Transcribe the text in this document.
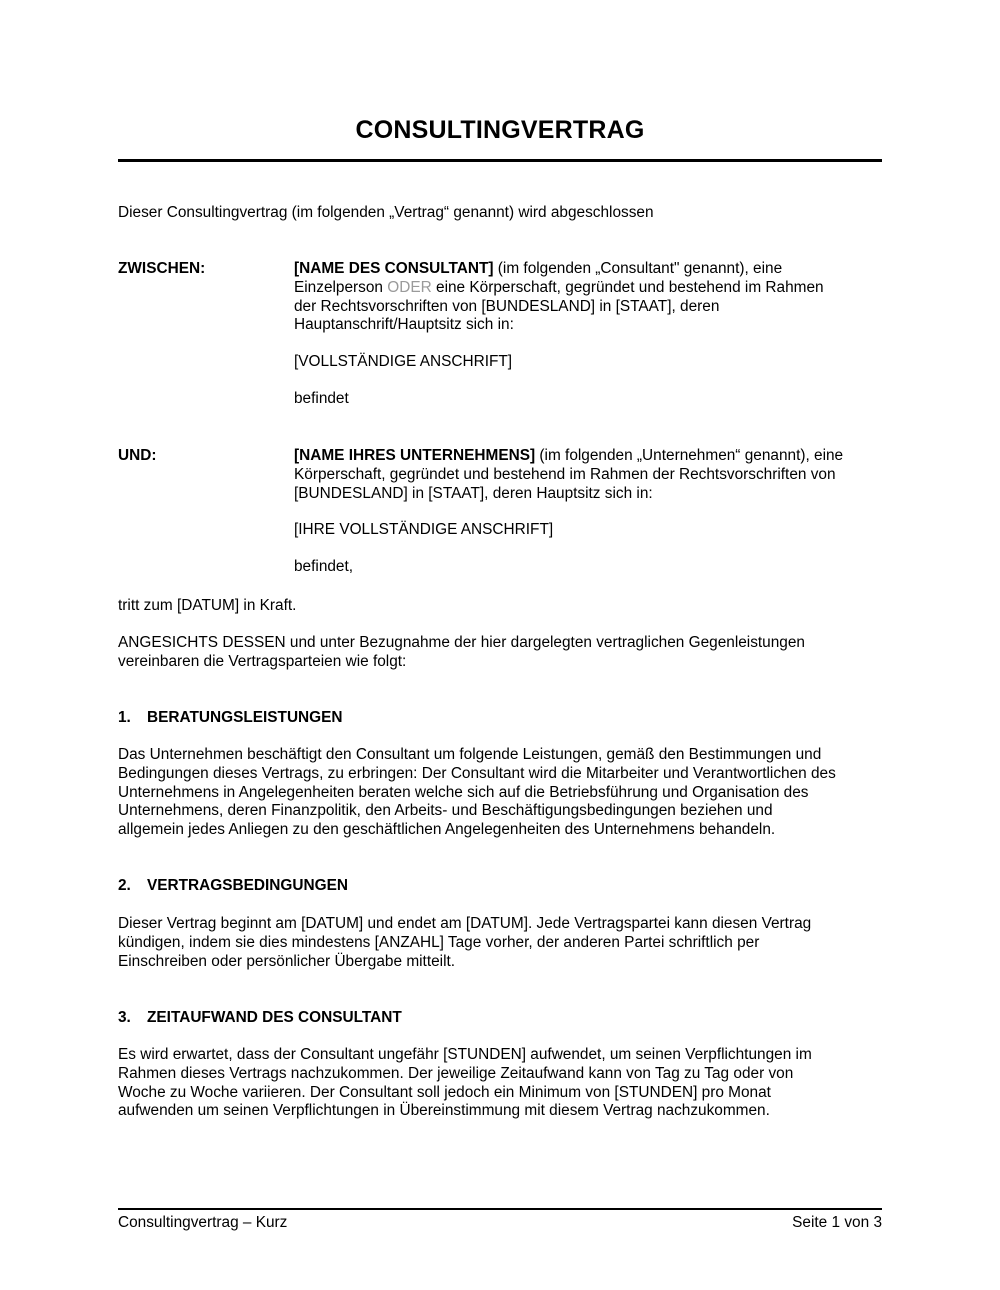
CONSULTINGVERTRAG
Dieser Consultingvertrag (im folgenden „Vertrag“ genannt) wird abgeschlossen
ZWISCHEN:	[NAME DES CONSULTANT] (im folgenden „Consultant" genannt), eine

Einzelperson ODER eine Körperschaft, gegründet und bestehend im Rahmen

der Rechtsvorschriften von [BUNDESLAND] in [STAAT], deren

Hauptanschrift/Hauptsitz sich in:

[VOLLSTÄNDIGE ANSCHRIFT]

befindet

UND:	[NAME IHRES UNTERNEHMENS] (im folgenden „Unternehmen“ genannt), eine

Körperschaft, gegründet und bestehend im Rahmen der Rechtsvorschriften von

[BUNDESLAND] in [STAAT], deren Hauptsitz sich in:

[IHRE VOLLSTÄNDIGE ANSCHRIFT]

befindet,

tritt zum [DATUM] in Kraft.
ANGESICHTS DESSEN und unter Bezugnahme der hier dargelegten vertraglichen Gegenleistungen
vereinbaren die Vertragsparteien wie folgt:
1. BERATUNGSLEISTUNGEN
Das Unternehmen beschäftigt den Consultant um folgende Leistungen, gemäß den Bestimmungen und
Bedingungen dieses Vertrags, zu erbringen: Der Consultant wird die Mitarbeiter und Verantwortlichen des
Unternehmens in Angelegenheiten beraten welche sich auf die Betriebsführung und Organisation des
Unternehmens, deren Finanzpolitik, den Arbeits- und Beschäftigungsbedingungen beziehen und
allgemein jedes Anliegen zu den geschäftlichen Angelegenheiten des Unternehmens behandeln.
2. VERTRAGSBEDINGUNGEN
Dieser Vertrag beginnt am [DATUM] und endet am [DATUM]. Jede Vertragspartei kann diesen Vertrag
kündigen, indem sie dies mindestens [ANZAHL] Tage vorher, der anderen Partei schriftlich per
Einschreiben oder persönlicher Übergabe mitteilt.
3. ZEITAUFWAND DES CONSULTANT
Es wird erwartet, dass der Consultant ungefähr [STUNDEN] aufwendet, um seinen Verpflichtungen im
Rahmen dieses Vertrags nachzukommen. Der jeweilige Zeitaufwand kann von Tag zu Tag oder von
Woche zu Woche variieren. Der Consultant soll jedoch ein Minimum von [STUNDEN] pro Monat
aufwenden um seinen Verpflichtungen in Übereinstimmung mit diesem Vertrag nachzukommen.
Consultingvertrag – Kurz	Seite 1 von 3
